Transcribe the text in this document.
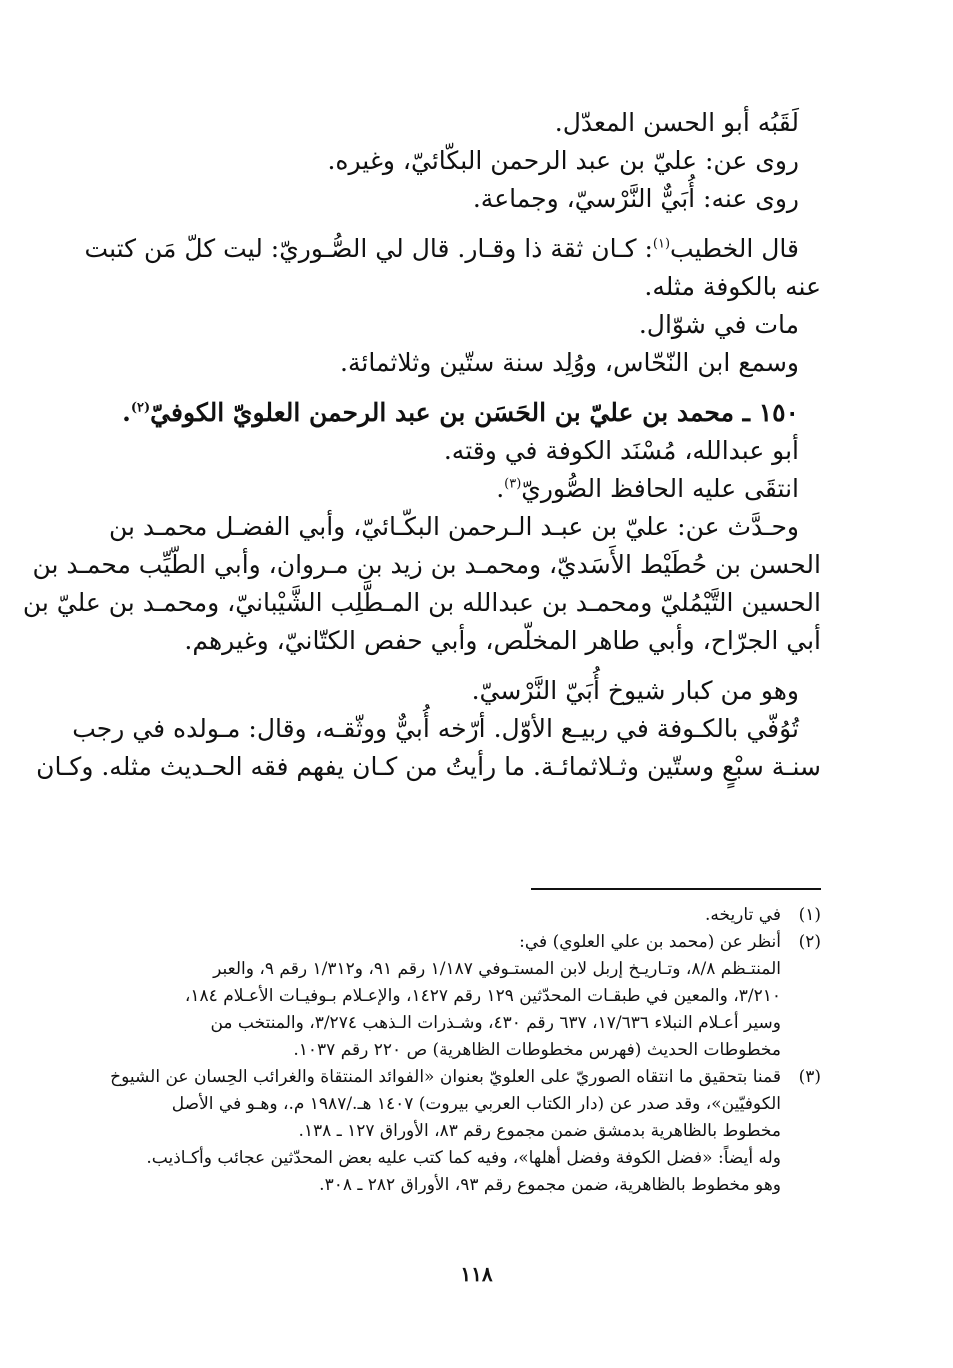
لَقَبُه أبو الحسن المعدّل.
روى عن: عليّ بن عبد الرحمن البكّائيّ، وغيره.
روى عنه: أُبَيٌّ النَّرْسيّ، وجماعة.
قال الخطيب$^{(١)}$: كـان ثقة ذا وقـار. قال لي الصُّـوريّ: ليت كلّ مَن كتبت
عنه بالكوفة مثله.
مات في شوّال.
وسمع ابن النّحّاس، ووُلِد سنة ستّين وثلاثمائة.
١٥٠ ـ محمد بن عليّ بن الحَسَن بن عبد الرحمن العلويّ الكوفيّ$^{(٢)}$.
أبو عبدالله، مُسْنَد الكوفة في وقته.
انتقَى عليه الحافظ الصُّوريّ$^{(٣)}$.
وحـدَّث عن: عليّ بن عبـد الـرحمن البكّـائيّ، وأبي الفضـل محمـد بن
الحسن بن حُطَيْط الأَسَديّ، ومحمـد بن زيد بن مـروان، وأبي الطّيِّب محمـد بن
الحسين التَّيْمُليّ ومحمـد بن عبدالله بن المـطَّلِب الشَّيْبانيّ، ومحمـد بن عليّ بن
أبي الجرّاح، وأبي طاهر المخلّص، وأبي حفص الكتّانيّ، وغيرهم.
وهو من كبار شيوخ أُبَيّ النَّرْسيّ.
تُوُفّي بالكـوفة في ربيـع الأوّل. أرّخه أُبيٌّ ووثّقـه، وقال: مـولده في رجب
سنـة سبْعٍ وستّين وثـلاثمائـة. ما رأيتُ من كـان يفهم فقه الحـديث مثله. وكـان
(١)
في تاريخه.
(٢)
أنظر عن (محمد بن علي العلوي) في:
المنتـظم ٨/٨، وتـاريـخ إربل لابن المستـوفي ١/١٨٧ رقم ٩١، و١/٣١٢ رقم ٩، والعبر
٣/٢١٠، والمعين في طبقـات المحدّثين ١٢٩ رقم ١٤٢٧، والإعـلام بـوفيـات الأعـلام ١٨٤،
وسير أعـلام النبلاء ١٧/٦٣٦، ٦٣٧ رقم ٤٣٠، وشـذرات الـذهب ٣/٢٧٤، والمنتخب من
مخطوطات الحديث (فهرس مخطوطات الظاهرية) ص ٢٢٠ رقم ١٠٣٧.
(٣)
قمنا بتحقيق ما انتقاه الصوريّ على العلويّ بعنوان «الفوائد المنتقاة والغرائب الحِسان عن الشيوخ
الكوفيّين»، وقد صدر عن (دار الكتاب العربي بيروت) ١٤٠٧ هـ./١٩٨٧ م.، وهـو في الأصل
مخطوط بالظاهرية بدمشق ضمن مجموع رقم ٨٣، الأوراق ١٢٧ ـ ١٣٨.
وله أيضاً: «فضل الكوفة وفضل أهلها»، وفيه كما كتب عليه بعض المحدّثين عجائب وأكـاذيب.
وهو مخطوط بالظاهرية، ضمن مجموع رقم ٩٣، الأوراق ٢٨٢ ـ ٣٠٨.
١١٨
